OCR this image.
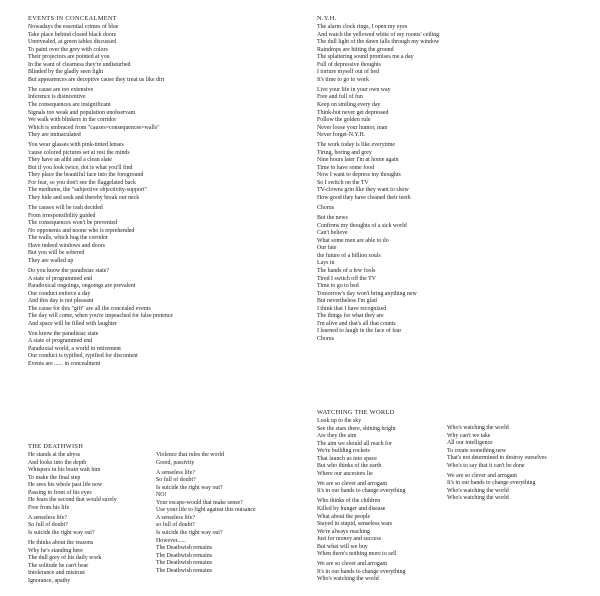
EVENTS IN CONCEALMENT
Nowadays the essential crimes of blue
Take place behind closed black doors
Unrevealed, at green tables discussed
To paint over the grey with colors
Their projectors are pointed at you
In the want of clearness they're undisturbed
Blinded by the gladly seen light
But appearences are deceptive cause they treat us like dirt
The cause are too extensive
Inference is disincentive
The consequences are insignificant
Signals too weak and population unobservant
We walk with blinkers in the corridor
Which is embraced from "causes=consequences=walls"
They are immaculated
You wear glasses with pink-tinted lenses
'cause colored pictures set at rest the minds
They have an alibi and a clean slate
But if you look twice, dot is what you'll find
They place the beautiful face into the foreground
For fear, so you don't see the flaggelated back
The mediums, the "subjective objectivity-support"
They hide and seek and thereby break our neck
The causes will be rash decided
From irresponsibility guided
The consequences won't be prevented
No opponents and noone who is reprehended
The walls, which hug the corridor
Have indeed windows and doors
But you will be sobered
They are walled up
Do you know the paradisiac state?
A state of programmed end
Paradoxical ongoings, ongoings are prevalent
Our conduct enforce a day
And this day is not pleasant
The cause for this "gift" are all the concealed events
The day will come, when you're impeached for false pretence
And space will be filled with laughter
You know the paradisiac state
A state of programmed end
Paradoxial world, a world in retirement
Our conduct is typified, typified for discontent
Events are ...... in concealment
THE DEATHWISH
He stands at the abyss
And looks into the depth
Whispers in his brain wait him
To make the final step
He sees his whole past life now
Passing in front of his eyes
He fears the second that would surely
Free from his life
A senseless life?
So full of doubt?
Is suicide the right way out?
He thinks about the reasons
Why he's standing here
The dull grey of his daily work
The solitude he can't bear
Intolerance and mistrust
Ignorance, apathy
Violence that rules the world
Greed, passivity
A senseless life?
So full of doubt?
Is suicide the right way out?
NO!
Your escape-would that make sense?
Use your life to fight against this nuisance
A senseless life?
so full of doubt?
Is suicide the right way out?
However......
The Deathwish remains
The Deathwish remains
The Deathwish remains
The Deathwish remains
N.Y.H.
The alarm clock rings, I open my eyes
And watch the yellowed white of my rooms' ceiling
The dull light of the dawn falls through my window
Raindrops are hitting the ground
The splattering sound promises me a day
Full of depressive thoughts
I torture myself out of bed
It's time to go to work
Live your life in your own way
Free and full of fun
Keep on smiling every day
Think-but never get depressed
Follow the golden rule
Never loose your humor, man
Never forget-N.Y.H.
The work today is like everytime
Tiring, boring and grey
Nine hours later I'm at home again
Time to have some food
Now I want to depress my thoughts
So I switch on the TV
TV-clowns grin like they want to show
How good they have cleaned their teeth
Chorus
But the news
Confirms my thoughts of a sick world
Can't believe
What some men are able to do
Our fate
the future of a billion souls
Lays in
The hands of a few fools
Tired I switch off the TV
Time to go to bed
Tomorrow's day won't bring anything new
But nevertheless I'm glad
I think that I have recognized
The things for what they are
I'm alive and that's all that counts
I learned to laugh in the face of fear
Chorus
WATCHING THE WORLD
Look up to the sky
See the stars there, shining bright
Are they the aim
The aim we should all reach for
We're building rockets
That launch us into space
But who thinks of the earth
Where our ancestors lie
We are so clever and arrogant
It's in our hands to change everything
Who thinks of the children
Killed by hunger and disease
What about the people
Stayed in stupid, senseless wars
We're always reaching
Just for money and success
But what will we buy
When there's nothing more to sell
We are so clever and arrogant
It's in our hands to change everything
Who's watching the world
Who's watching the world
Why can't we take
All our intelligence
To create something new
That's not determined to destroy ourselves
Who's to say that it can't be done
We are so clever and arrogant
It's in our hands to change everything
Who's watching the world
Who's watching the world
